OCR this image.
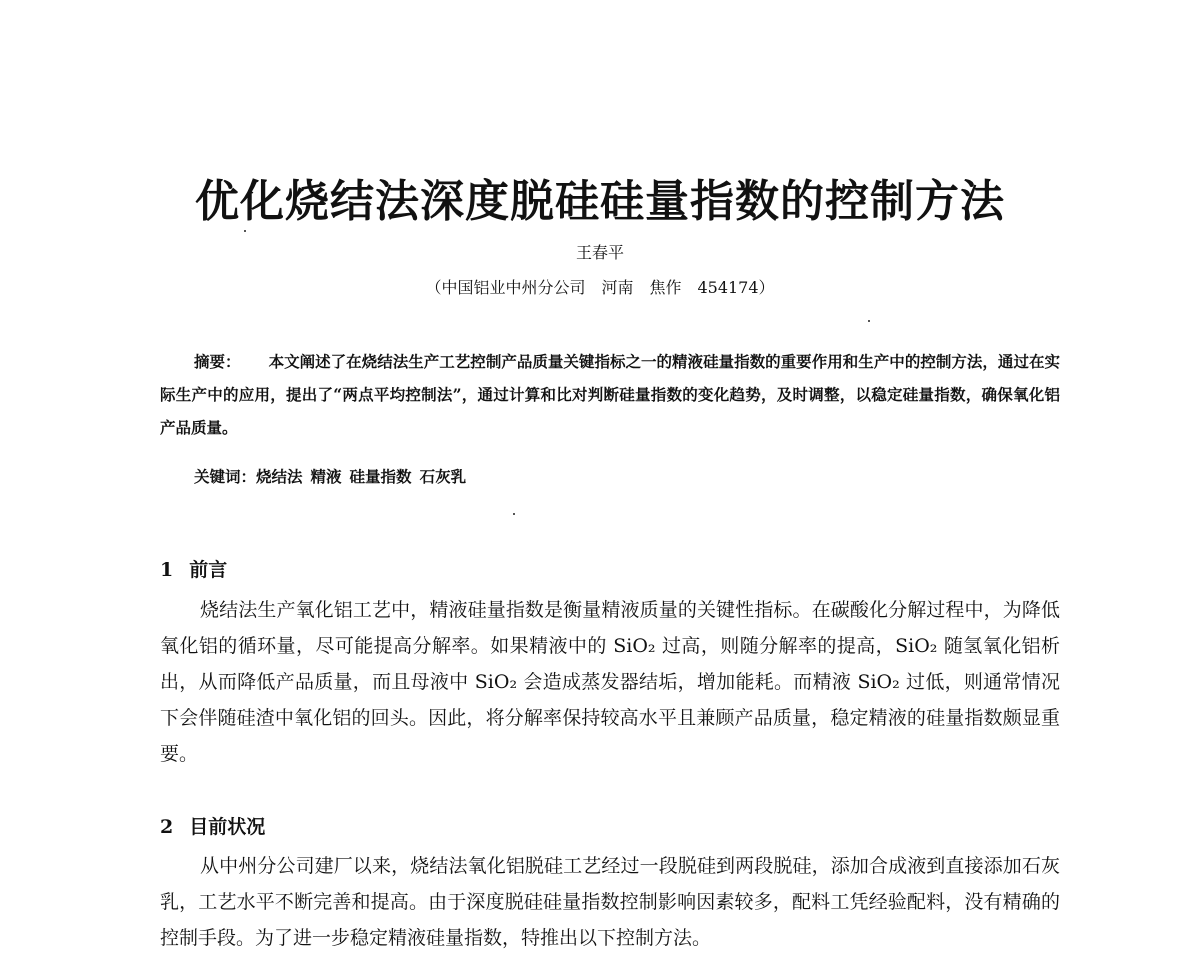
优化烧结法深度脱硅硅量指数的控制方法
王春平
（中国铝业中州分公司　河南　焦作　454174）

摘要： 本文阐述了在烧结法生产工艺控制产品质量关键指标之一的精液硅量指数的重要作用和生产中的控制方法，通过在实际生产中的应用，提出了“两点平均控制法”，通过计算和比对判断硅量指数的变化趋势，及时调整，以稳定硅量指数，确保氧化铝产品质量。

关键词：烧结法 精液 硅量指数 石灰乳
1 前言

烧结法生产氧化铝工艺中，精液硅量指数是衡量精液质量的关键性指标。在碳酸化分解过程中，为降低氧化铝的循环量，尽可能提高分解率。如果精液中的 SiO₂ 过高，则随分解率的提高，SiO₂ 随氢氧化铝析出，从而降低产品质量，而且母液中 SiO₂ 会造成蒸发器结垢，增加能耗。而精液 SiO₂ 过低，则通常情况下会伴随硅渣中氧化铝的回头。因此，将分解率保持较高水平且兼顾产品质量，稳定精液的硅量指数颇显重要。

2 目前状况

从中州分公司建厂以来，烧结法氧化铝脱硅工艺经过一段脱硅到两段脱硅，添加合成液到直接添加石灰乳，工艺水平不断完善和提高。由于深度脱硅硅量指数控制影响因素较多，配料工凭经验配料，没有精确的控制手段。为了进一步稳定精液硅量指数，特推出以下控制方法。
